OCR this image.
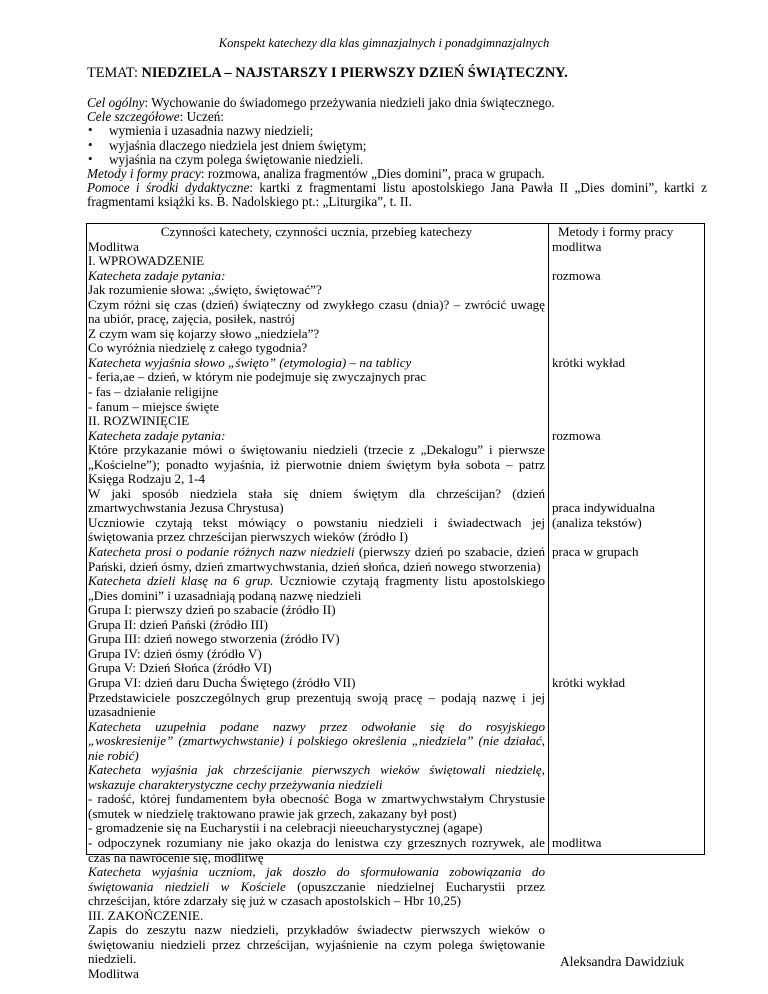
Konspekt katechezy dla klas gimnazjalnych i ponadgimnazjalnych
TEMAT: NIEDZIELA – NAJSTARSZY I PIERWSZY DZIEŃ ŚWIĄTECZNY.

Cel ogólny: Wychowanie do świadomego przeżywania niedzieli jako dnia świątecznego.

Cele szczegółowe: Uczeń:

• wymienia i uzasadnia nazwy niedzieli;
• wyjaśnia dlaczego niedziela jest dniem świętym;
• wyjaśnia na czym polega świętowanie niedzieli.

Metody i formy pracy: rozmowa, analiza fragmentów „Dies domini”, praca w grupach.

Pomoce i środki dydaktyczne: kartki z fragmentami listu apostolskiego Jana Pawła II „Dies domini”, kartki z fragmentami książki ks. B. Nadolskiego pt.: „Liturgika”, t. II.

Czynności katechety, czynności ucznia, przebieg katechezy
Modlitwa
I. WPROWADZENIE
Katecheta zadaje pytania:
Jak rozumienie słowa: „święto, świętować”?
Czym różni się czas (dzień) świąteczny od zwykłego czasu (dnia)? – zwrócić uwagę na ubiór, pracę, zajęcia, posiłek, nastrój
Z czym wam się kojarzy słowo „niedziela”?
Co wyróżnia niedzielę z całego tygodnia?
Katecheta wyjaśnia słowo „święto” (etymologia) – na tablicy
- feria,ae – dzień, w którym nie podejmuje się zwyczajnych prac
- fas – działanie religijne
- fanum – miejsce święte
II. ROZWINIĘCIE
Katecheta zadaje pytania:
Które przykazanie mówi o świętowaniu niedzieli (trzecie z „Dekalogu” i pierwsze „Kościelne”); ponadto wyjaśnia, iż pierwotnie dniem świętym była sobota – patrz Księga Rodzaju 2, 1-4
W jaki sposób niedziela stała się dniem świętym dla chrześcijan? (dzień zmartwychwstania Jezusa Chrystusa)
Uczniowie czytają tekst mówiący o powstaniu niedzieli i świadectwach jej świętowania przez chrześcijan pierwszych wieków (źródło I)
Katecheta prosi o podanie różnych nazw niedzieli (pierwszy dzień po szabacie, dzień Pański, dzień ósmy, dzień zmartwychwstania, dzień słońca, dzień nowego stworzenia)
Katecheta dzieli klasę na 6 grup. Uczniowie czytają fragmenty listu apostolskiego „Dies domini” i uzasadniają podaną nazwę niedzieli
Grupa I: pierwszy dzień po szabacie (źródło II)
Grupa II: dzień Pański (źródło III)
Grupa III: dzień nowego stworzenia (źródło IV)
Grupa IV: dzień ósmy (źródło V)
Grupa V: Dzień Słońca (źródło VI)
Grupa VI: dzień daru Ducha Świętego (źródło VII)
Przedstawiciele poszczególnych grup prezentują swoją pracę – podają nazwę i jej uzasadnienie
Katecheta uzupełnia podane nazwy przez odwołanie się do rosyjskiego „woskresienije” (zmartwychwstanie) i polskiego określenia „niedziela” (nie działać, nie robić)
Katecheta wyjaśnia jak chrześcijanie pierwszych wieków świętowali niedzielę, wskazuje charakterystyczne cechy przeżywania niedzieli
- radość, której fundamentem była obecność Boga w zmartwychwstałym Chrystusie (smutek w niedzielę traktowano prawie jak grzech, zakazany był post)
- gromadzenie się na Eucharystii i na celebracji nieeucharystycznej (agape)
- odpoczynek rozumiany nie jako okazja do lenistwa czy grzesznych rozrywek, ale czas na nawrócenie się, modlitwę
Katecheta wyjaśnia uczniom, jak doszło do sformułowania zobowiązania do świętowania niedzieli w Kościele (opuszczanie niedzielnej Eucharystii przez chrześcijan, które zdarzały się już w czasach apostolskich – Hbr 10,25)
III. ZAKOŃCZENIE.
Zapis do zeszytu nazw niedzieli, przykładów świadectw pierwszych wieków o świętowaniu niedzieli przez chrześcijan, wyjaśnienie na czym polega świętowanie niedzieli.
Modlitwa
Metody i formy pracy
modlitwa
rozmowa
krótki wykład
rozmowa
praca indywidualna
(analiza tekstów)
praca w grupach
krótki wykład
modlitwa
Aleksandra Dawidziuk
